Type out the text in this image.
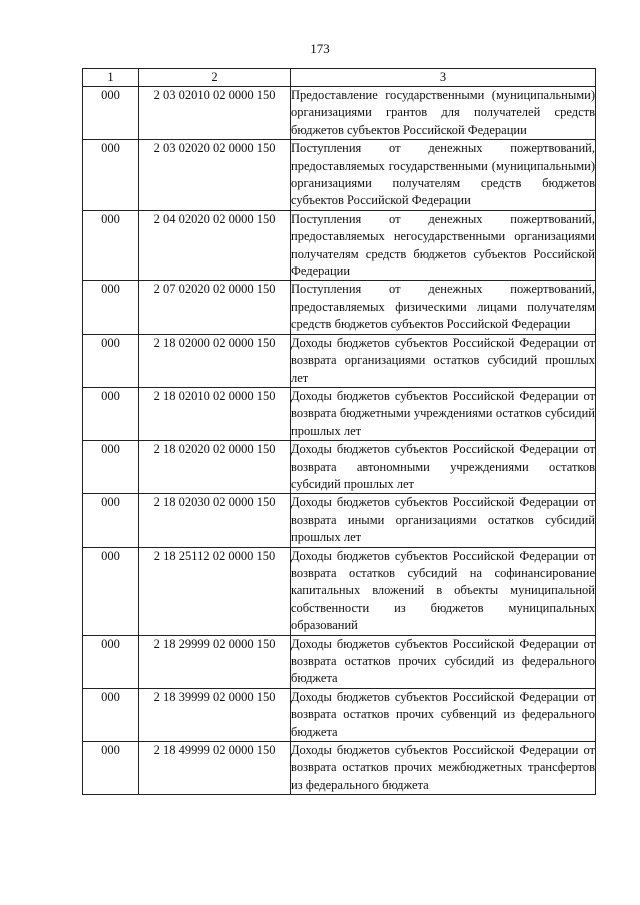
173
1	2	3
000	2 03 02010 02 0000 150	Предоставление государственными (муниципальными) организациями грантов для получателей средств бюджетов субъектов Российской Федерации
000	2 03 02020 02 0000 150	Поступления от денежных пожертвований, предоставляемых государственными (муниципальными) организациями получателям средств бюджетов субъектов Российской Федерации
000	2 04 02020 02 0000 150	Поступления от денежных пожертвований, предоставляемых негосударственными организациями получателям средств бюджетов субъектов Российской Федерации
000	2 07 02020 02 0000 150	Поступления от денежных пожертвований, предоставляемых физическими лицами получателям средств бюджетов субъектов Российской Федерации
000	2 18 02000 02 0000 150	Доходы бюджетов субъектов Российской Федерации от возврата организациями остатков субсидий прошлых лет
000	2 18 02010 02 0000 150	Доходы бюджетов субъектов Российской Федерации от возврата бюджетными учреждениями остатков субсидий прошлых лет
000	2 18 02020 02 0000 150	Доходы бюджетов субъектов Российской Федерации от возврата автономными учреждениями остатков субсидий прошлых лет
000	2 18 02030 02 0000 150	Доходы бюджетов субъектов Российской Федерации от возврата иными организациями остатков субсидий прошлых лет
000	2 18 25112 02 0000 150	Доходы бюджетов субъектов Российской Федерации от возврата остатков субсидий на софинансирование капитальных вложений в объекты муниципальной собственности из бюджетов муниципальных образований
000	2 18 29999 02 0000 150	Доходы бюджетов субъектов Российской Федерации от возврата остатков прочих субсидий из федерального бюджета
000	2 18 39999 02 0000 150	Доходы бюджетов субъектов Российской Федерации от возврата остатков прочих субвенций из федерального бюджета
000	2 18 49999 02 0000 150	Доходы бюджетов субъектов Российской Федерации от возврата остатков прочих межбюджетных трансфертов из федерального бюджета
